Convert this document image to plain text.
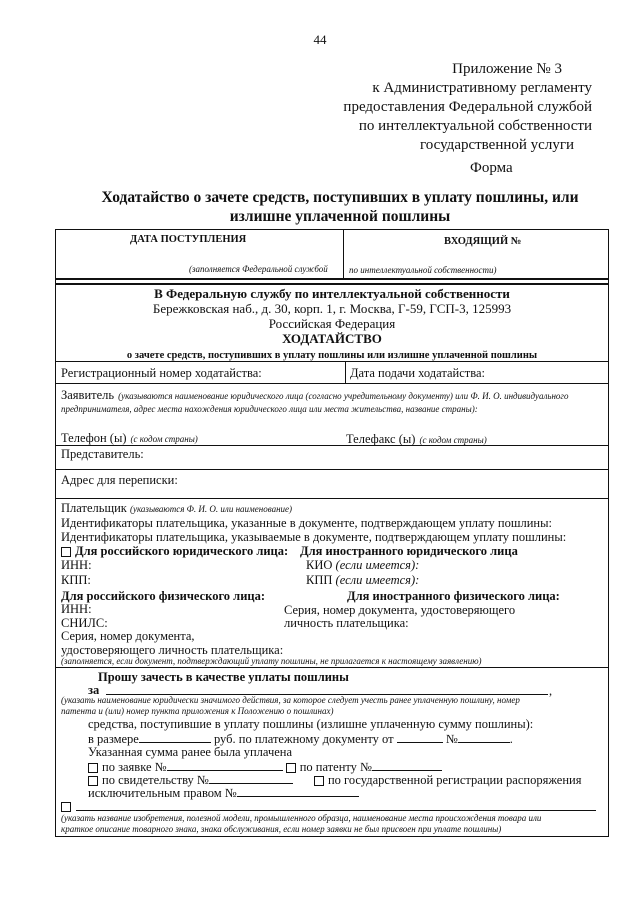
44
Приложение № 3
к Административному регламенту
предоставления Федеральной службой
по интеллектуальной собственности
государственной услуги
Форма
Ходатайство о зачете средств, поступивших в уплату пошлины, или
излишне уплаченной пошлины
ДАТА ПОСТУПЛЕНИЯ	ВХОДЯЩИЙ №
(заполняется Федеральной службой по интеллектуальной собственности)
В Федеральную службу по интеллектуальной собственности
Бережковская наб., д. 30, корп. 1, г. Москва, Г-59, ГСП-3, 125993
Российская Федерация
ХОДАТАЙСТВО
о зачете средств, поступивших в уплату пошлины или излишне уплаченной пошлины
Регистрационный номер ходатайства:	Дата подачи ходатайства:
Заявитель (указываются наименование юридического лица (согласно учредительному документу) или Ф. И. О. индивидуального
предпринимателя, адрес места нахождения юридического лица или места жительства, название страны):
Телефон (ы) (с кодом страны)	Телефакс (ы) (с кодом страны)
Представитель:
Адрес для переписки:
Плательщик (указываются Ф. И. О. или наименование)
Идентификаторы плательщика, указанные в документе, подтверждающем уплату пошлины:
Идентификаторы плательщика, указываемые в документе, подтверждающем уплату пошлины:
Для российского юридического лица: Для иностранного юридического лица
ИНН:	КИО (если имеется):
КПП:	КПП (если имеется):
Для российского физического лица:	Для иностранного физического лица:
ИНН:	Серия, номер документа, удостоверяющего
СНИЛС:	личность плательщика:
Серия, номер документа,
удостоверяющего личность плательщика:
(заполняется, если документ, подтверждающий уплату пошлины, не прилагается к настоящему заявлению)
Прошу зачесть в качестве уплаты пошлины
за	,
(указать наименование юридически значимого действия, за которое следует учесть ранее уплаченную пошлину, номер
патента и (или) номер пункта приложения к Положению о пошлинах)
средства, поступившие в уплату пошлины (излишне уплаченную сумму пошлины):
в размере	руб. по платежному документу от	№	.
Указанная сумма ранее была уплачена
по заявке №	по патенту №
по свидетельству №	по государственной регистрации распоряжения
исключительным правом №
(указать название изобретения, полезной модели, промышленного образца, наименование места происхождения товара или
краткое описание товарного знака, знака обслуживания, если номер заявки не был присвоен при уплате пошлины)
